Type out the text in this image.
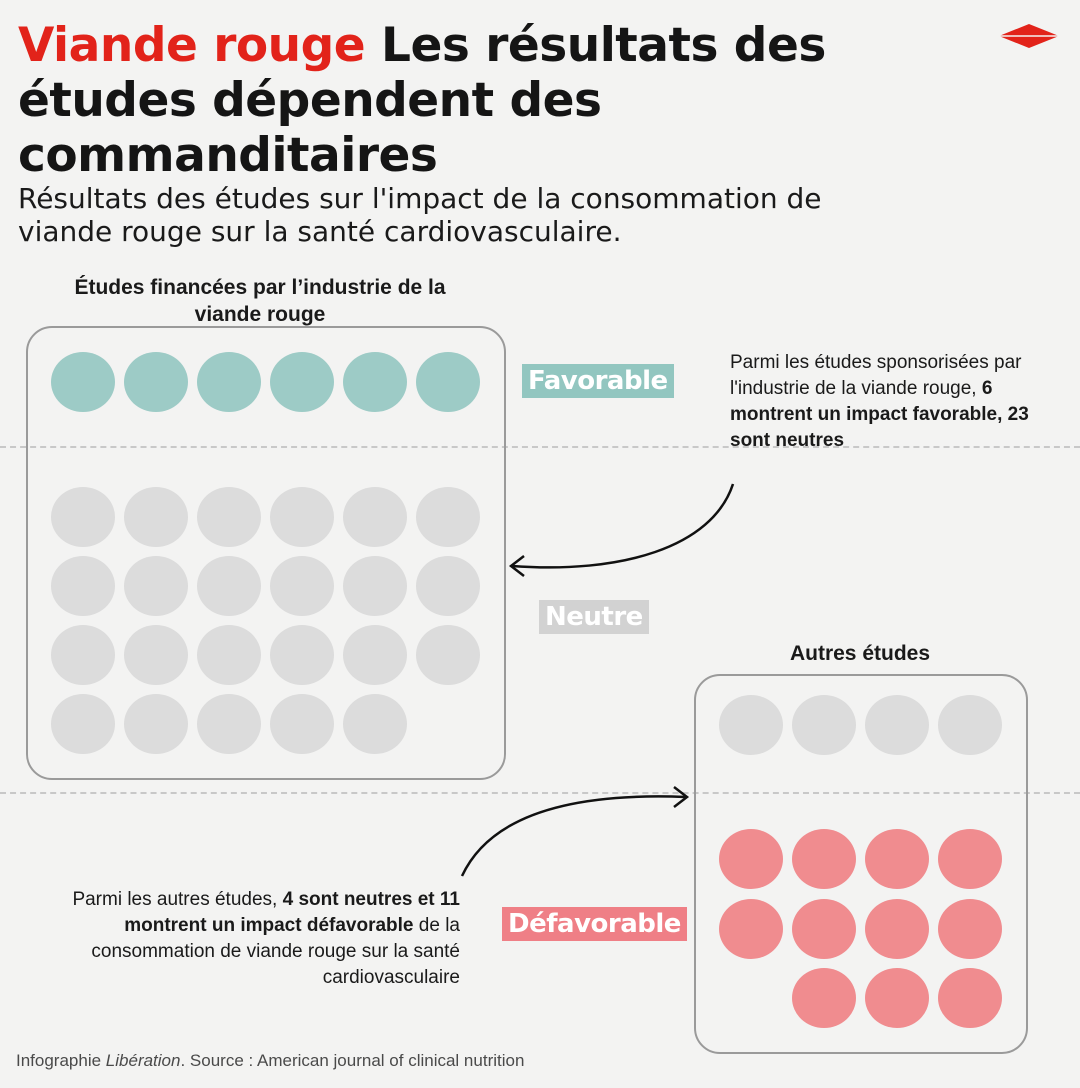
Viande rouge Les résultats des études dépendent des commanditaires
Résultats des études sur l'impact de la consommation de viande rouge sur la santé cardiovasculaire.
Études financées par l’industrie de la viande rouge
Autres études
Favorable
Neutre
Défavorable
Parmi les études sponsorisées par l'industrie de la viande rouge, 6 montrent un impact favorable, 23 sont neutres
Parmi les autres études, 4 sont neutres et 11 montrent un impact défavorable de la consommation de viande rouge sur la santé cardiovasculaire
Infographie Libération. Source : American journal of clinical nutrition
